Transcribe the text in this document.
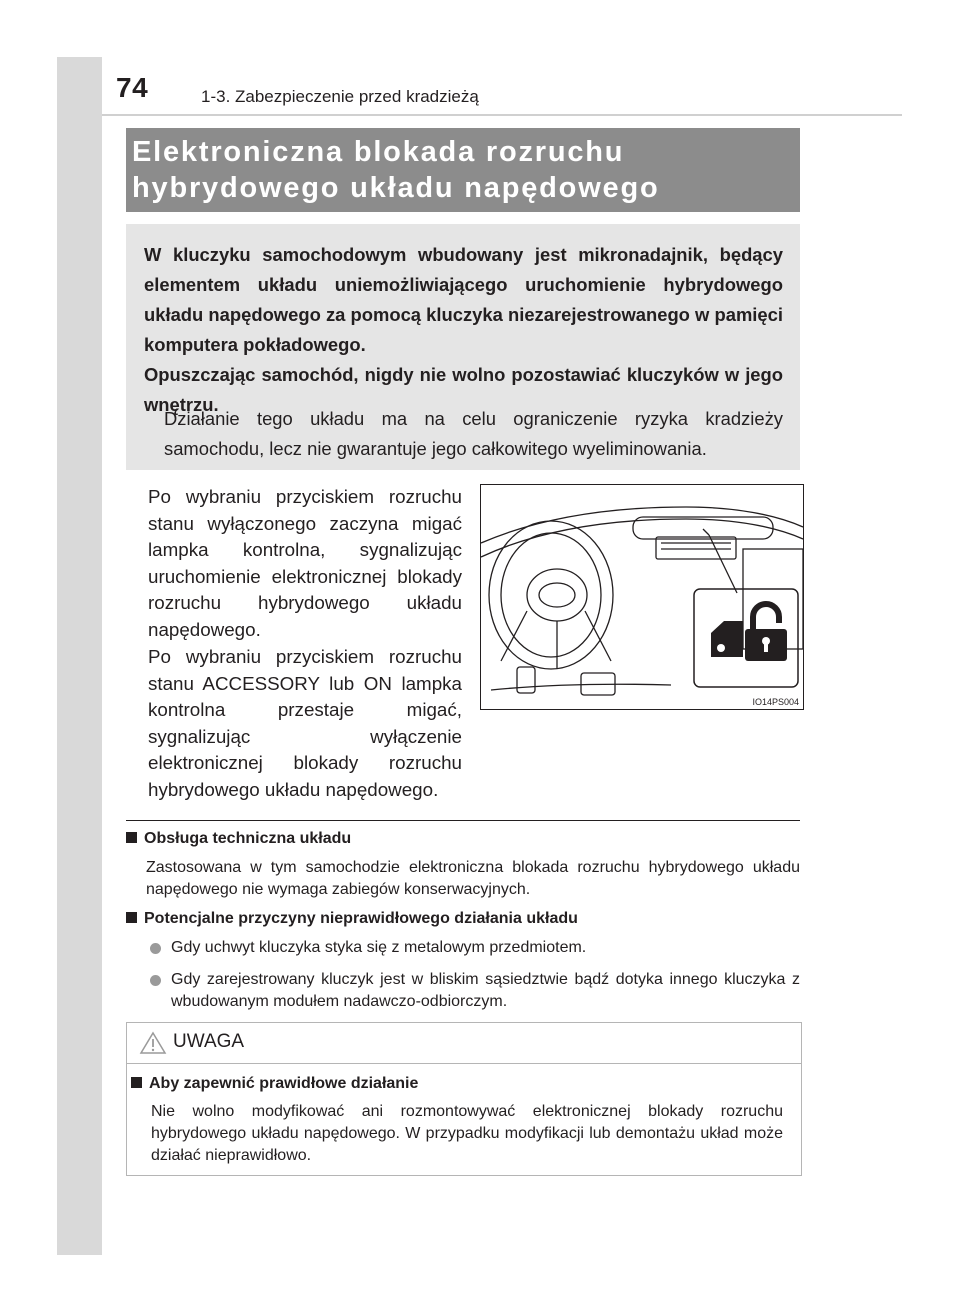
74	1-3. Zabezpieczenie przed kradzieżą
Elektroniczna blokada rozruchu
hybrydowego układu napędowego

W kluczyku samochodowym wbudowany jest mikronadajnik, będący elementem układu uniemożliwiającego uruchomienie hybrydowego układu napędowego za pomocą kluczyka niezarejestrowanego w pamięci komputera pokładowego.

Opuszczając samochód, nigdy nie wolno pozostawiać kluczyków w jego wnętrzu.

Działanie tego układu ma na celu ograniczenie ryzyka kradzieży samochodu, lecz nie gwarantuje jego całkowitego wyeliminowania.

Po wybraniu przyciskiem rozruchu stanu wyłączonego zaczyna migać lampka kontrolna, sygnalizując uruchomienie elektronicznej blokady rozruchu hybrydowego układu napędowego.

Po wybraniu przyciskiem rozruchu stanu ACCESSORY lub ON lampka kontrolna przestaje migać, sygnalizując wyłączenie elektronicznej blokady rozruchu hybrydowego układu napędowego.

IO14PS004
Obsługa techniczna układu

Zastosowana w tym samochodzie elektroniczna blokada rozruchu hybrydowego układu napędowego nie wymaga zabiegów konserwacyjnych.

Potencjalne przyczyny nieprawidłowego działania układu

Gdy uchwyt kluczyka styka się z metalowym przedmiotem.

Gdy zarejestrowany kluczyk jest w bliskim sąsiedztwie bądź dotyka innego kluczyka z wbudowanym modułem nadawczo-odbiorczym.

UWAGA
Aby zapewnić prawidłowe działanie

Nie wolno modyfikować ani rozmontowywać elektronicznej blokady rozruchu hybrydowego układu napędowego. W przypadku modyfikacji lub demontażu układ może działać nieprawidłowo.
